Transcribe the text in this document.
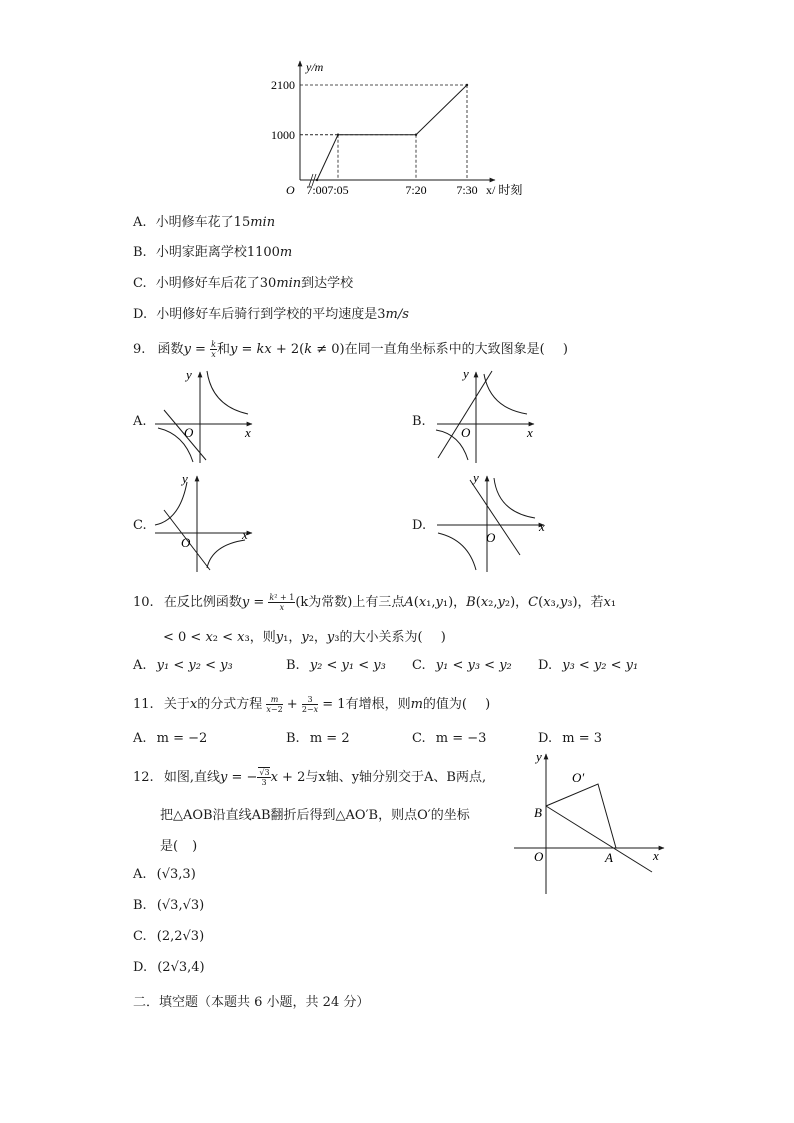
7:00 7:05	7:20 7:30
1000
2100
O
y/m
x/ 时刻
A. 小明修车花了15min
B. 小明家距离学校1100m
C. 小明修好车后花了30min到达学校
D. 小明修好车后骑行到学校的平均速度是3m/s
9. 函数$y = \frac{k}{x}$ 和y = kx + 2(k ≠ 0)在同一直角坐标系中的大致图象是( )
A.	B.
C.	D.
O	x
y
O	x
y
O
x
y
O
x
y
10. 在反比例函数$y = \frac{\text{k² + 1}}{x} (k$为常数)上有三点A(x₁,y₁)，B(x₂,y₂)，C(x₃,y₃)，若x₁
< 0 < x₂ < x₃，则y₁，y₂，y₃的大小关系为( )
A. y₁ < y₂ < y₃	B. y₂ < y₁ < y₃ C. y₁ < y₃ < y₂ D. y₃ < y₂ < y₁
11. 关于x的分式方程 $\frac{m}{x-2} + \frac{3}{2-x} = 1$有增根，则m的值为( )
A. m = −2	B. m = 2	C. m = −3	D. m = 3
12. 如图,直线y = − $\frac{√3}{3}$ x + 2与x轴、y轴分别交于A、B两点,
把△AOB沿直线AB翻折后得到△AO′B，则点O′的坐标
是( )
y
x
O	A
B
O′
A. (√3,3)
B. (√3,√3)
C. (2,2√3)
D. (2√3,4)
二．填空题（本题共 6 小题，共 24 分）
